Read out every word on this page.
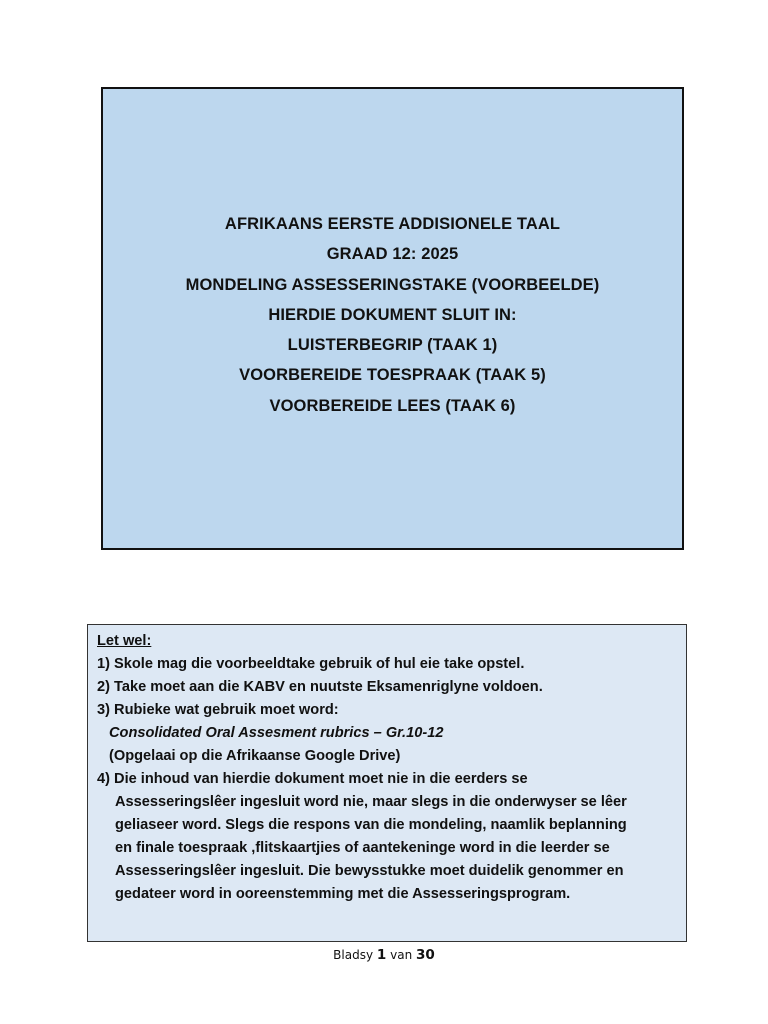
AFRIKAANS EERSTE ADDISIONELE TAAL
GRAAD 12: 2025
MONDELING ASSESSERINGSTAKE (VOORBEELDE)
HIERDIE DOKUMENT SLUIT IN:
LUISTERBEGRIP (TAAK 1)
VOORBEREIDE TOESPRAAK (TAAK 5)
VOORBEREIDE LEES (TAAK 6)
Let wel:
1) Skole mag die voorbeeldtake gebruik of hul eie take opstel.
2) Take moet aan die KABV en nuutste Eksamenriglyne voldoen.
3) Rubieke wat gebruik moet word:
Consolidated Oral Assesment rubrics – Gr.10-12
(Opgelaai op die Afrikaanse Google Drive)
4) Die inhoud van hierdie dokument moet nie in die eerders se
Assesseringslêer ingesluit word nie, maar slegs in die onderwyser se lêer
geliaseer word. Slegs die respons van die mondeling, naamlik beplanning
en finale toespraak ,flitskaartjies of aantekeninge word in die leerder se
Assesseringslêer ingesluit. Die bewysstukke moet duidelik genommer en
gedateer word in ooreenstemming met die Assesseringsprogram.
Bladsy 1 van 30
